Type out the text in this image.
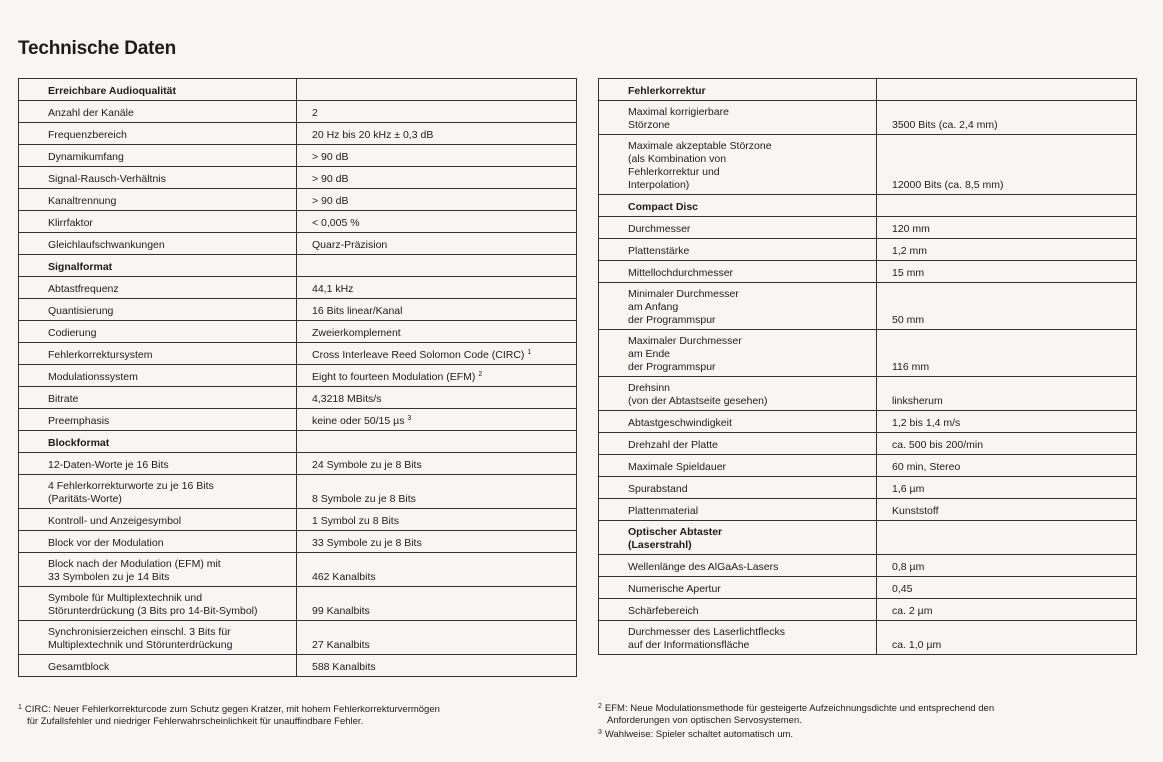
Technische Daten
Erreichbare Audioqualität	
Anzahl der Kanäle	2
Frequenzbereich	20 Hz bis 20 kHz ± 0,3 dB
Dynamikumfang	> 90 dB
Signal-Rausch-Verhältnis	> 90 dB
Kanaltrennung	> 90 dB
Klirrfaktor	< 0,005 %
Gleichlaufschwankungen	Quarz-Präzision
Signalformat	
Abtastfrequenz	44,1 kHz
Quantisierung	16 Bits linear/Kanal
Codierung	Zweierkomplement
Fehlerkorrektursystem	Cross Interleave Reed Solomon Code (CIRC) $^1$
Modulationssystem	Eight to fourteen Modulation (EFM) $^2$
Bitrate	4,3218 MBits/s
Preemphasis	keine oder 50/15 µs $^3$
Blockformat	
12-Daten-Worte je 16 Bits	24 Symbole zu je 8 Bits
4 Fehlerkorrekturworte zu je 16 Bits
(Paritäts-Worte)	8 Symbole zu je 8 Bits
Kontroll- und Anzeigesymbol	1 Symbol zu 8 Bits
Block vor der Modulation	33 Symbole zu je 8 Bits
Block nach der Modulation (EFM) mit
33 Symbolen zu je 14 Bits	462 Kanalbits
Symbole für Multiplextechnik und
Störunterdrückung (3 Bits pro 14-Bit-Symbol)	99 Kanalbits
Synchronisierzeichen einschl. 3 Bits für
Multiplextechnik und Störunterdrückung	27 Kanalbits
Gesamtblock	588 Kanalbits
Fehlerkorrektur	
Maximal korrigierbare
Störzone	3500 Bits (ca. 2,4 mm)
Maximale akzeptable Störzone
(als Kombination von
Fehlerkorrektur und
Interpolation)	12000 Bits (ca. 8,5 mm)
Compact Disc	
Durchmesser	120 mm
Plattenstärke	1,2 mm
Mittellochdurchmesser	15 mm
Minimaler Durchmesser
am Anfang
der Programmspur	50 mm
Maximaler Durchmesser
am Ende
der Programmspur	116 mm
Drehsinn
(von der Abtastseite gesehen)	linksherum
Abtastgeschwindigkeit	1,2 bis 1,4 m/s
Drehzahl der Platte	ca. 500 bis 200/min
Maximale Spieldauer	60 min, Stereo
Spurabstand	1,6 µm
Plattenmaterial	Kunststoff
Optischer Abtaster
(Laserstrahl)	
Wellenlänge des AlGaAs-Lasers	0,8 µm
Numerische Apertur	0,45
Schärfebereich	ca. 2 µm
Durchmesser des Laserlichtflecks
auf der Informationsfläche	ca. 1,0 µm

$^1$ CIRC: Neuer Fehlerkorrekturcode zum Schutz gegen Kratzer, mit hohem Fehlerkorrekturvermögen

für Zufallsfehler und niedriger Fehlerwahrscheinlichkeit für unauffindbare Fehler.

$^2$ EFM: Neue Modulationsmethode für gesteigerte Aufzeichnungsdichte und entsprechend den

Anforderungen von optischen Servosystemen.

$^3$ Wahlweise: Spieler schaltet automatisch um.
